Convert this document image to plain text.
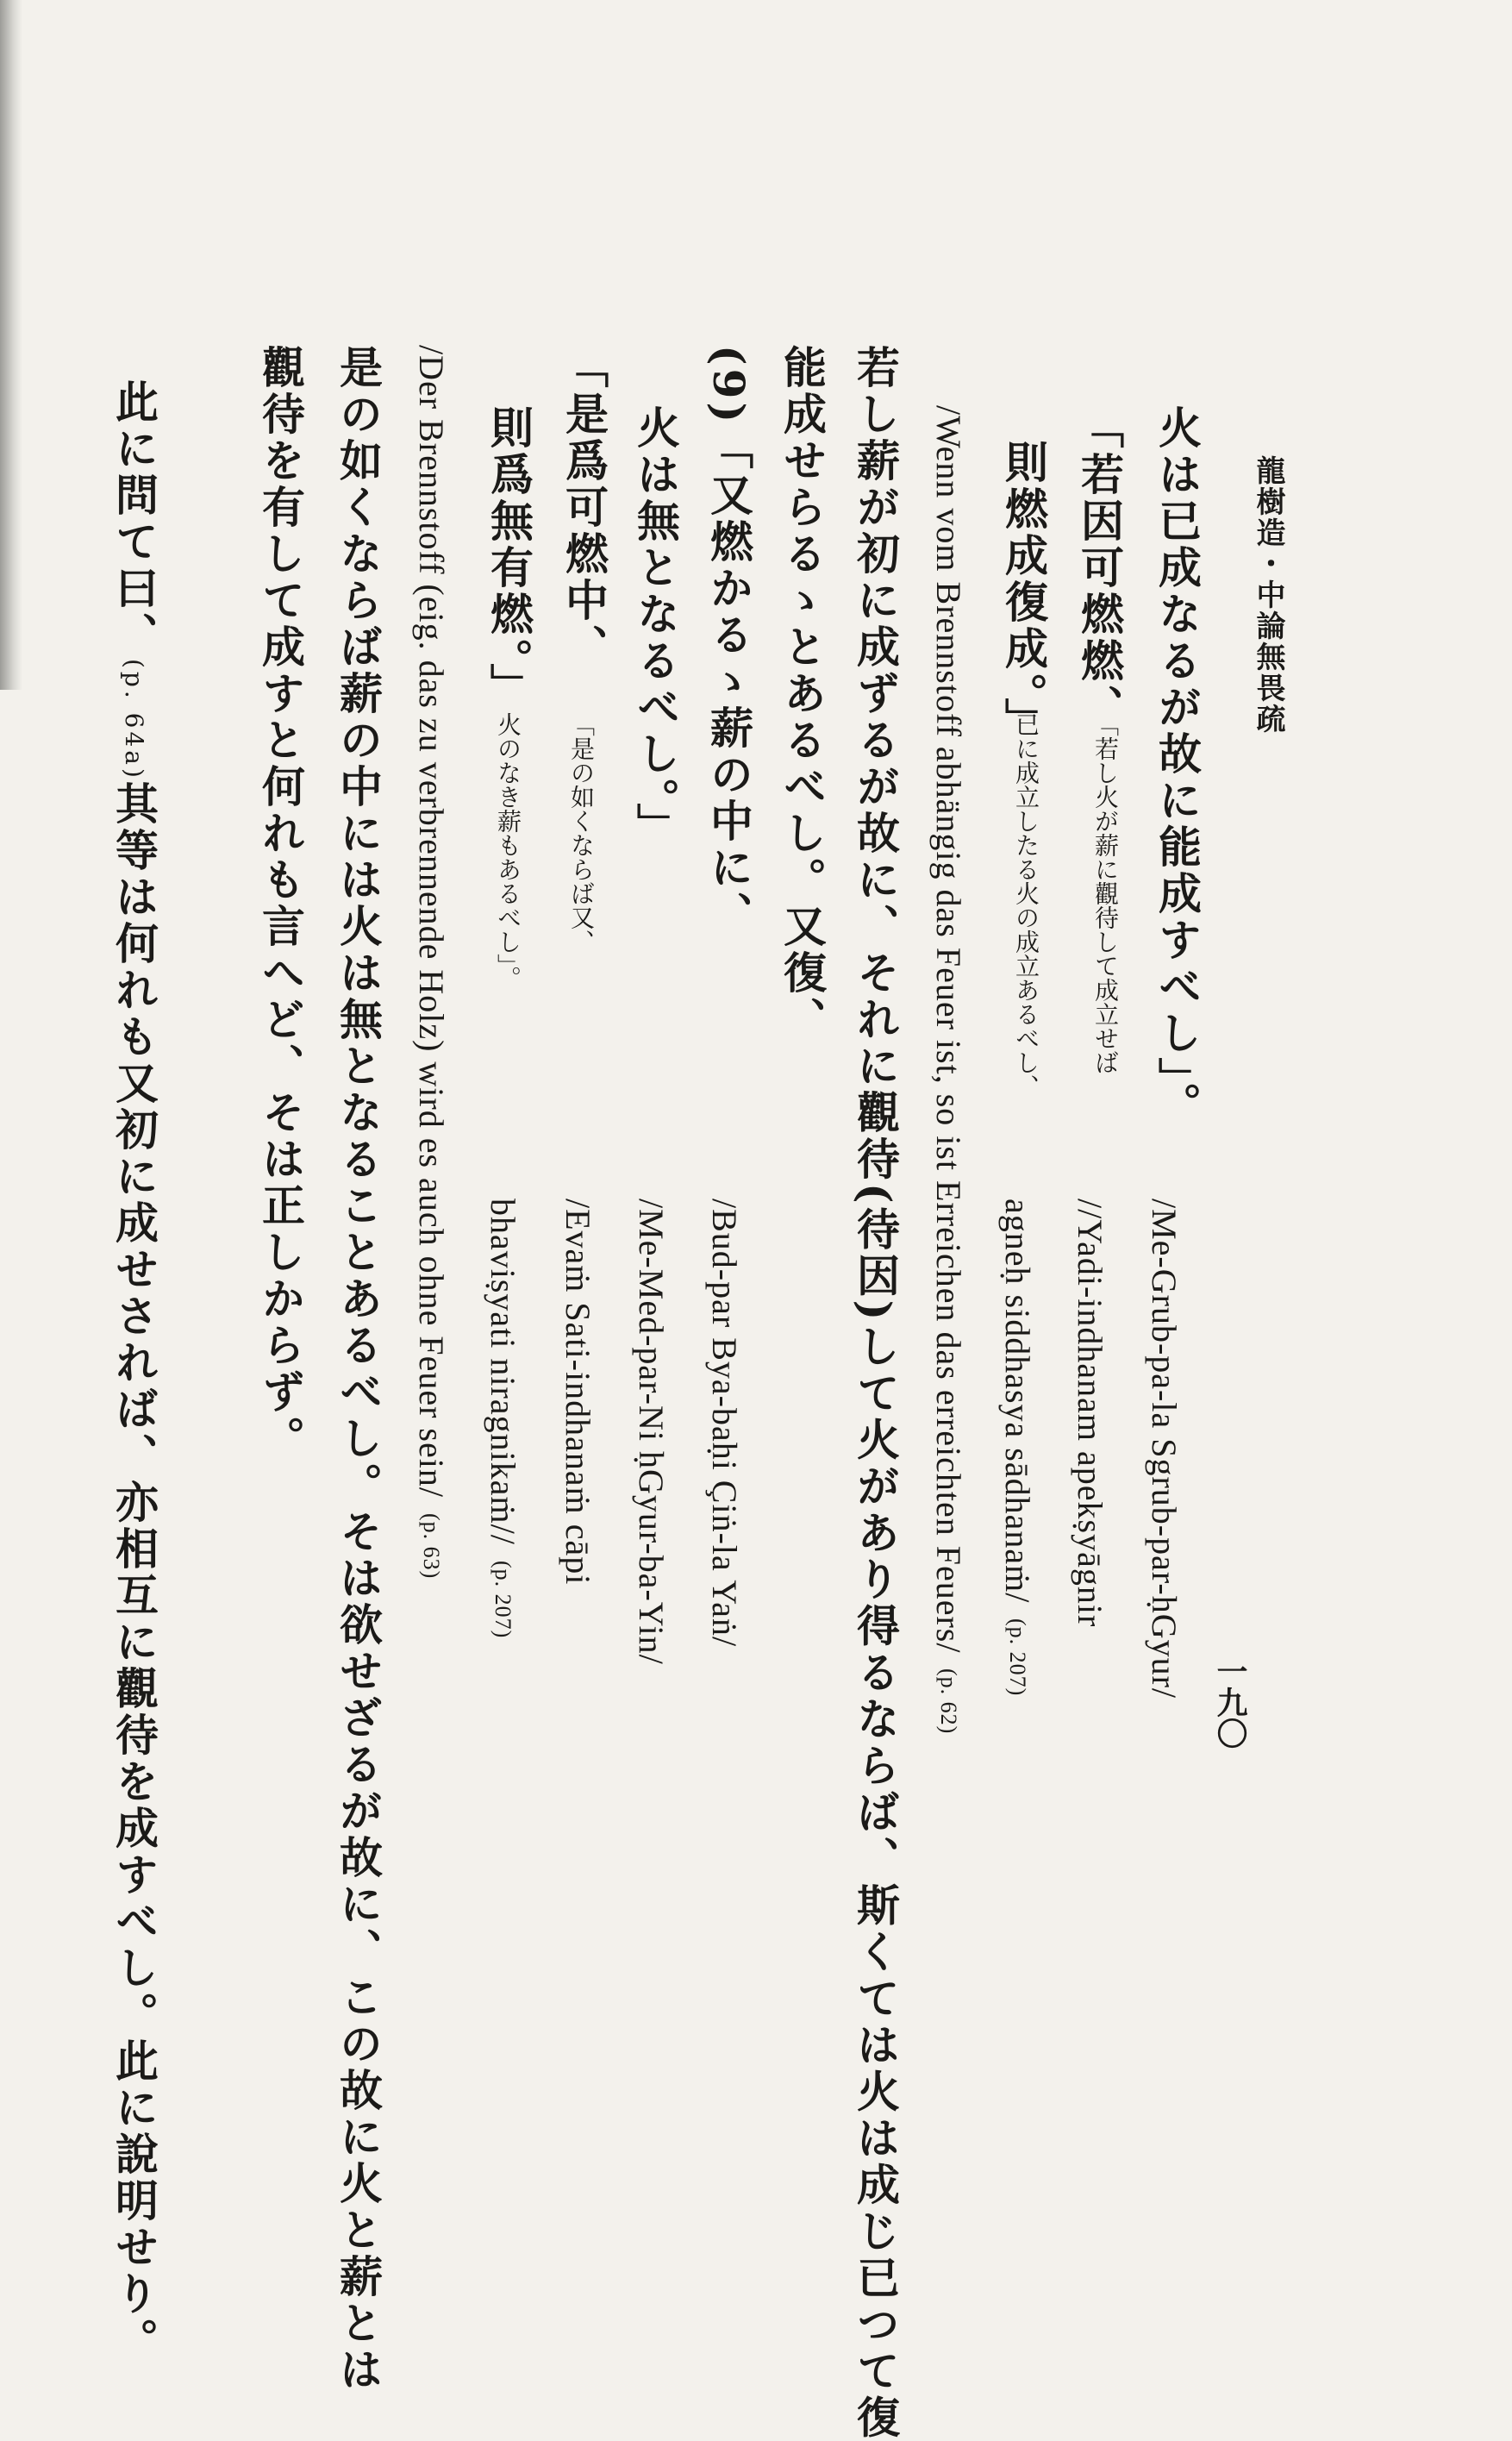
龍樹造・中論無畏疏
一九〇
火は已成なるが故に能成すべし」。
/Me-Grub-pa-la Sgrub-par-ḥGyur/
「若因可燃燃、
「若し火が薪に觀待して成立せば
//Yadi-indhanam apekṣyāgnir
則燃成復成。」
已に成立したる火の成立あるべし、
agneḥ siddhasya sādhanaṁ/(p. 207)
/Wenn vom Brennstoff abhängig das Feuer ist, so ist Erreichen das erreichten Feuers/(p. 62)
若し薪が初に成ずるが故に、それに觀待(待因)して火があり得るならば、斯くては火は成じ已つて復
能成せらるゝとあるべし。又復、
(9)「又燃かるゝ薪の中に、
/Bud-par Bya-baḥi Çiṅ-la Yaṅ/
火は無となるべし。」
/Me-Med-par-Ni ḥGyur-ba-Yin/
「是爲可燃中、
「是の如くならば又、
/Evaṁ Sati-indhanaṁ cāpi
則爲無有燃。」
火のなき薪もあるべし」。
bhaviṣyati niragnikaṁ//(p. 207)
/Der Brennstoff (eig. das zu verbrennende Holz) wird es auch ohne Feuer sein/(p. 63)
是の如くならば薪の中には火は無となることあるべし。そは欲せざるが故に、この故に火と薪とは
觀待を有して成すと何れも言へど、そは正しからず。
此に問て曰、(p. 64a)其等は何れも又初に成せされば、亦相互に觀待を成すべし。此に說明せり。
